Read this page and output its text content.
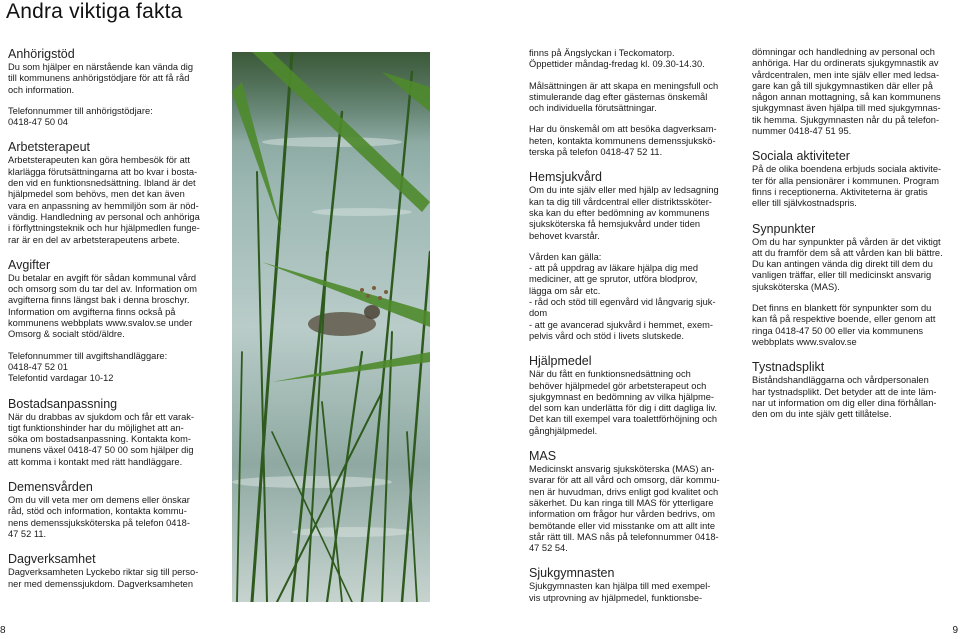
Andra viktiga fakta
Anhörigstöd

Du som hjälper en närstående kan vända dig
till kommunens anhörigstödjare för att få råd
och information.

Telefonnummer till anhörigstödjare:
0418-47 50 04

Arbetsterapeut

Arbetsterapeuten kan göra hembesök för att
klarlägga förutsättningarna att bo kvar i bosta-
den vid en funktionsnedsättning. Ibland är det
hjälpmedel som behövs, men det kan även
vara en anpassning av hemmiljön som är nöd-
vändig. Handledning av personal och anhöriga
i förflyttningsteknik och hur hjälpmedlen funge-
rar är en del av arbetsterapeutens arbete.

Avgifter

Du betalar en avgift för sådan kommunal vård
och omsorg som du tar del av. Information om
avgifterna finns längst bak i denna broschyr.
Information om avgifterna finns också på
kommunens webbplats www.svalov.se under
Omsorg & socialt stöd/äldre.

Telefonnummer till avgiftshandläggare:
0418-47 52 01
Telefontid vardagar 10-12

Bostadsanpassning

När du drabbas av sjukdom och får ett varak-
tigt funktionshinder har du möjlighet att an-
söka om bostadsanpassning. Kontakta kom-
munens växel 0418-47 50 00 som hjälper dig
att komma i kontakt med rätt handläggare.

Demensvården

Om du vill veta mer om demens eller önskar
råd, stöd och information, kontakta kommu-
nens demenssjuksköterska på telefon 0418-
47 52 11.

Dagverksamhet

Dagverksamheten Lyckebo riktar sig till perso-
ner med demenssjukdom. Dagverksamheten

finns på Ängslyckan i Teckomatorp.
Öppettider måndag-fredag kl. 09.30-14.30.

Målsättningen är att skapa en meningsfull och
stimulerande dag efter gästernas önskemål
och individuella förutsättningar.

Har du önskemål om att besöka dagverksam-
heten, kontakta kommunens demenssjukskö-
terska på telefon 0418-47 52 11.

Hemsjukvård

Om du inte själv eller med hjälp av ledsagning
kan ta dig till vårdcentral eller distriktssköter-
ska kan du efter bedömning av kommunens
sjuksköterska få hemsjukvård under tiden
behovet kvarstår.

Vården kan gälla:
- att på uppdrag av läkare hjälpa dig med
mediciner, att ge sprutor, utföra blodprov,
lägga om sår etc.
- råd och stöd till egenvård vid långvarig sjuk-
dom
- att ge avancerad sjukvård i hemmet, exem-
pelvis vård och stöd i livets slutskede.

Hjälpmedel

När du fått en funktionsnedsättning och
behöver hjälpmedel gör arbetsterapeut och
sjukgymnast en bedömning av vilka hjälpme-
del som kan underlätta för dig i ditt dagliga liv.
Det kan till exempel vara toalettförhöjning och
gånghjälpmedel.

MAS

Medicinskt ansvarig sjuksköterska (MAS) an-
svarar för att all vård och omsorg, där kommu-
nen är huvudman, drivs enligt god kvalitet och
säkerhet. Du kan ringa till MAS för ytterligare
information om frågor hur vården bedrivs, om
bemötande eller vid misstanke om att allt inte
står rätt till. MAS nås på telefonnummer 0418-
47 52 54.

Sjukgymnasten

Sjukgymnasten kan hjälpa till med exempel-
vis utprovning av hjälpmedel, funktionsbe-

dömningar och handledning av personal och
anhöriga. Har du ordinerats sjukgymnastik av
vårdcentralen, men inte själv eller med ledsa-
gare kan gå till sjukgymnastiken där eller på
någon annan mottagning, så kan kommunens
sjukgymnast även hjälpa till med sjukgymnas-
tik hemma. Sjukgymnasten når du på telefon-
nummer 0418-47 51 95.

Sociala aktiviteter

På de olika boendena erbjuds sociala aktivite-
ter för alla pensionärer i kommunen. Program
finns i receptionerna. Aktiviteterna är gratis
eller till självkostnadspris.

Synpunkter

Om du har synpunkter på vården är det viktigt
att du framför dem så att vården kan bli bättre.
Du kan antingen vända dig direkt till dem du
vanligen träffar, eller till medicinskt ansvarig
sjuksköterska (MAS).

Det finns en blankett för synpunkter som du
kan få på respektive boende, eller genom att
ringa 0418-47 50 00 eller via kommunens
webbplats www.svalov.se

Tystnadsplikt

Biståndshandläggarna och vårdpersonalen
har tystnadsplikt. Det betyder att de inte läm-
nar ut information om dig eller dina förhållan-
den om du inte själv gett tillåtelse.

8	9
